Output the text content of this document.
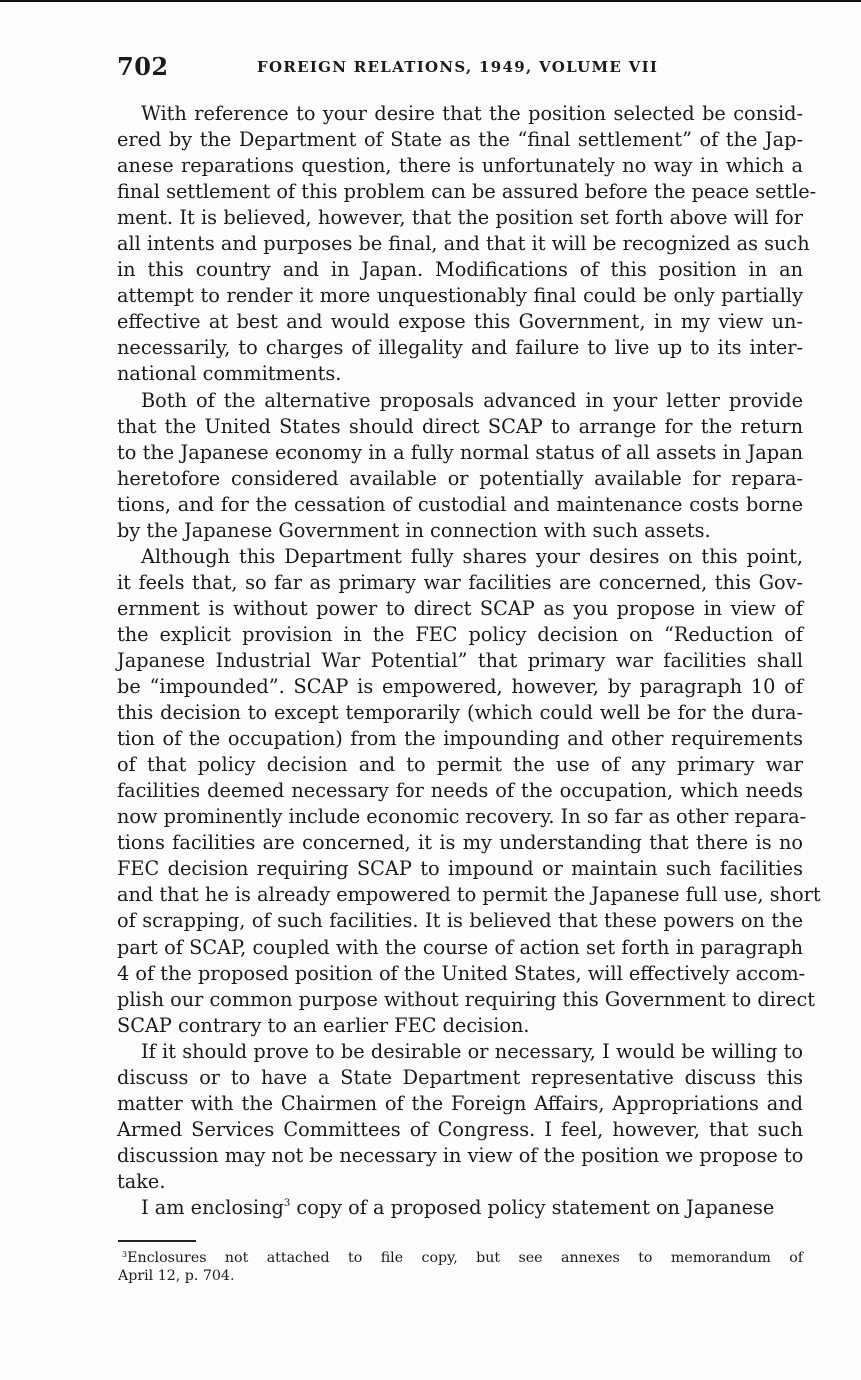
702	FOREIGN RELATIONS, 1949, VOLUME VII
With reference to your desire that the position selected be consid-
ered by the Department of State as the “final settlement” of the Jap-
anese reparations question, there is unfortunately no way in which a
final settlement of this problem can be assured before the peace settle-
ment. It is believed, however, that the position set forth above will for
all intents and purposes be final, and that it will be recognized as such
in this country and in Japan. Modifications of this position in an
attempt to render it more unquestionably final could be only partially
effective at best and would expose this Government, in my view un-
necessarily, to charges of illegality and failure to live up to its inter-
national commitments.
Both of the alternative proposals advanced in your letter provide
that the United States should direct SCAP to arrange for the return
to the Japanese economy in a fully normal status of all assets in Japan
heretofore considered available or potentially available for repara-
tions, and for the cessation of custodial and maintenance costs borne
by the Japanese Government in connection with such assets.
Although this Department fully shares your desires on this point,
it feels that, so far as primary war facilities are concerned, this Gov-
ernment is without power to direct SCAP as you propose in view of
the explicit provision in the FEC policy decision on “Reduction of
Japanese Industrial War Potential” that primary war facilities shall
be “impounded”. SCAP is empowered, however, by paragraph 10 of
this decision to except temporarily (which could well be for the dura-
tion of the occupation) from the impounding and other requirements
of that policy decision and to permit the use of any primary war
facilities deemed necessary for needs of the occupation, which needs
now prominently include economic recovery. In so far as other repara-
tions facilities are concerned, it is my understanding that there is no
FEC decision requiring SCAP to impound or maintain such facilities
and that he is already empowered to permit the Japanese full use, short
of scrapping, of such facilities. It is believed that these powers on the
part of SCAP, coupled with the course of action set forth in paragraph
4 of the proposed position of the United States, will effectively accom-
plish our common purpose without requiring this Government to direct
SCAP contrary to an earlier FEC decision.
If it should prove to be desirable or necessary, I would be willing to
discuss or to have a State Department representative discuss this
matter with the Chairmen of the Foreign Affairs, Appropriations and
Armed Services Committees of Congress. I feel, however, that such
discussion may not be necessary in view of the position we propose to
take.
I am enclosing$^3$ copy of a proposed policy statement on Japanese
$^3$Enclosures not attached to file copy, but see annexes to memorandum of
April 12, p. 704.
